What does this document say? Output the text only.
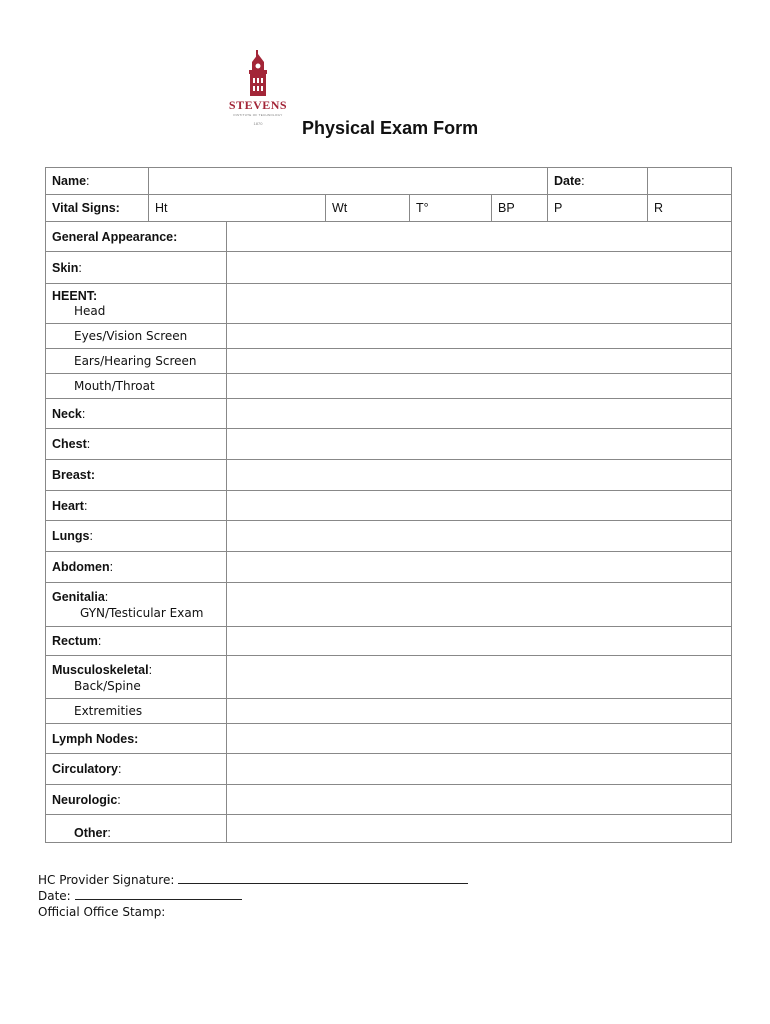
STEVENS
INSTITUTE OF TECHNOLOGY
1870	Physical Exam Form
Name:						Date:	
Vital Signs:	Ht		Wt	T°	BP	P	R
General Appearance:							
Skin:							
HEENT:
Head							

Eyes/Vision Screen							

Ears/Hearing Screen							

Mouth/Throat							

Neck:							
Chest:							
Breast:							
Heart:							
Lungs:							
Abdomen:							
Genitalia:
GYN/Testicular Exam							

Rectum:							
Musculoskeletal:
Back/Spine							

Extremities							

Lymph Nodes:							
Circulatory:							
Neurologic:							
Other:							
HC Provider Signature:
Date:
Official Office Stamp:
